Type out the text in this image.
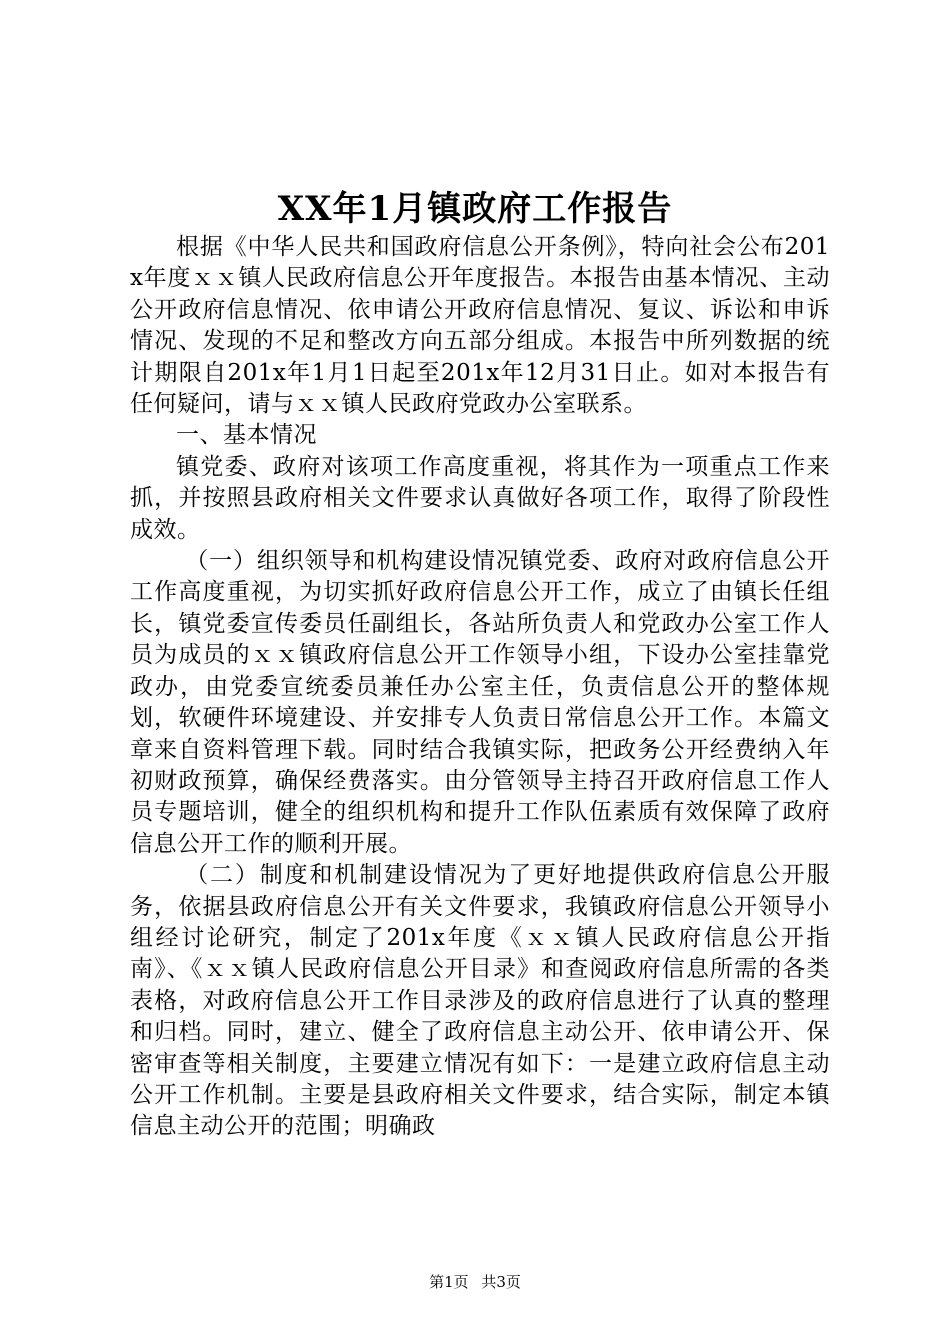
XX年1月镇政府工作报告

根据《中华人民共和国政府信息公开条例》，特向社会公布201x年度ｘｘ镇人民政府信息公开年度报告。本报告由基本情况、主动公开政府信息情况、依申请公开政府信息情况、复议、诉讼和申诉情况、发现的不足和整改方向五部分组成。本报告中所列数据的统计期限自201x年1月1日起至201x年12月31日止。如对本报告有任何疑问，请与ｘｘ镇人民政府党政办公室联系。

一、基本情况

镇党委、政府对该项工作高度重视，将其作为一项重点工作来抓，并按照县政府相关文件要求认真做好各项工作，取得了阶段性成效。

（一）组织领导和机构建设情况镇党委、政府对政府信息公开工作高度重视，为切实抓好政府信息公开工作，成立了由镇长任组长，镇党委宣传委员任副组长，各站所负责人和党政办公室工作人员为成员的ｘｘ镇政府信息公开工作领导小组，下设办公室挂靠党政办，由党委宣统委员兼任办公室主任，负责信息公开的整体规划，软硬件环境建设、并安排专人负责日常信息公开工作。本篇文章来自资料管理下载。同时结合我镇实际，把政务公开经费纳入年初财政预算，确保经费落实。由分管领导主持召开政府信息工作人员专题培训，健全的组织机构和提升工作队伍素质有效保障了政府信息公开工作的顺利开展。

（二）制度和机制建设情况为了更好地提供政府信息公开服务，依据县政府信息公开有关文件要求，我镇政府信息公开领导小组经讨论研究，制定了201x年度《ｘｘ镇人民政府信息公开指南》、《ｘｘ镇人民政府信息公开目录》和查阅政府信息所需的各类表格，对政府信息公开工作目录涉及的政府信息进行了认真的整理和归档。同时，建立、健全了政府信息主动公开、依申请公开、保密审查等相关制度，主要建立情况有如下：一是建立政府信息主动公开工作机制。主要是县政府相关文件要求，结合实际，制定本镇信息主动公开的范围；明确政

第1页 共3页
